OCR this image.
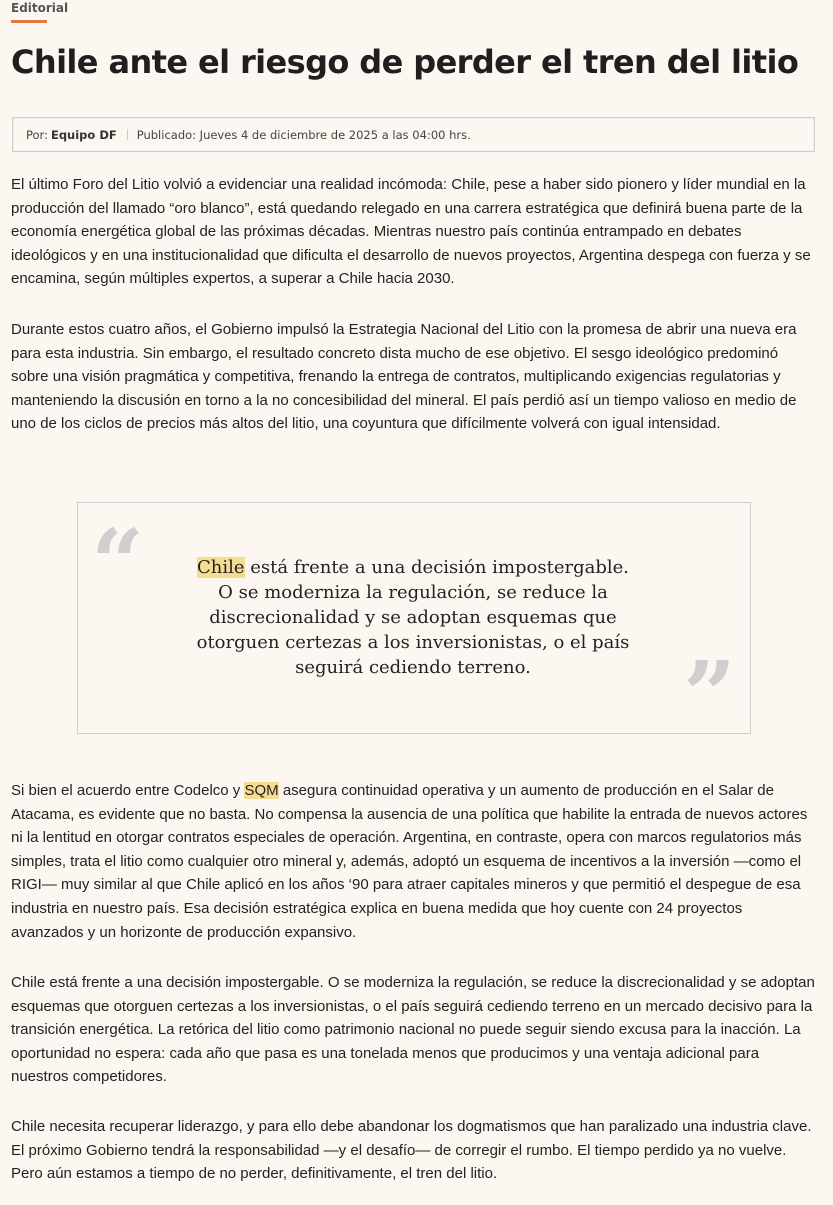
Editorial
Chile ante el riesgo de perder el tren del litio
Por: Equipo DF Publicado: Jueves 4 de diciembre de 2025 a las 04:00 hrs.

El último Foro del Litio volvió a evidenciar una realidad incómoda: Chile, pese a haber sido pionero y líder mundial en la producción del llamado “oro blanco”, está quedando relegado en una carrera estratégica que definirá buena parte de la economía energética global de las próximas décadas. Mientras nuestro país continúa entrampado en debates ideológicos y en una institucionalidad que dificulta el desarrollo de nuevos proyectos, Argentina despega con fuerza y se encamina, según múltiples expertos, a superar a Chile hacia 2030.

Durante estos cuatro años, el Gobierno impulsó la Estrategia Nacional del Litio con la promesa de abrir una nueva era para esta industria. Sin embargo, el resultado concreto dista mucho de ese objetivo. El sesgo ideológico predominó sobre una visión pragmática y competitiva, frenando la entrega de contratos, multiplicando exigencias regulatorias y manteniendo la discusión en torno a la no concesibilidad del mineral. El país perdió así un tiempo valioso en medio de uno de los ciclos de precios más altos del litio, una coyuntura que difícilmente volverá con igual intensidad.

“	Chile está frente a una decisión impostergable. O se moderniza la regulación, se reduce la discrecionalidad y se adoptan esquemas que otorguen certezas a los inversionistas, o el país seguirá cediendo terreno.	”

Si bien el acuerdo entre Codelco y SQM asegura continuidad operativa y un aumento de producción en el Salar de Atacama, es evidente que no basta. No compensa la ausencia de una política que habilite la entrada de nuevos actores ni la lentitud en otorgar contratos especiales de operación. Argentina, en contraste, opera con marcos regulatorios más simples, trata el litio como cualquier otro mineral y, además, adoptó un esquema de incentivos a la inversión —como el RIGI— muy similar al que Chile aplicó en los años ‘90 para atraer capitales mineros y que permitió el despegue de esa industria en nuestro país. Esa decisión estratégica explica en buena medida que hoy cuente con 24 proyectos avanzados y un horizonte de producción expansivo.

Chile está frente a una decisión impostergable. O se moderniza la regulación, se reduce la discrecionalidad y se adoptan esquemas que otorguen certezas a los inversionistas, o el país seguirá cediendo terreno en un mercado decisivo para la transición energética. La retórica del litio como patrimonio nacional no puede seguir siendo excusa para la inacción. La oportunidad no espera: cada año que pasa es una tonelada menos que producimos y una ventaja adicional para nuestros competidores.

Chile necesita recuperar liderazgo, y para ello debe abandonar los dogmatismos que han paralizado una industria clave. El próximo Gobierno tendrá la responsabilidad —y el desafío— de corregir el rumbo. El tiempo perdido ya no vuelve. Pero aún estamos a tiempo de no perder, definitivamente, el tren del litio.
